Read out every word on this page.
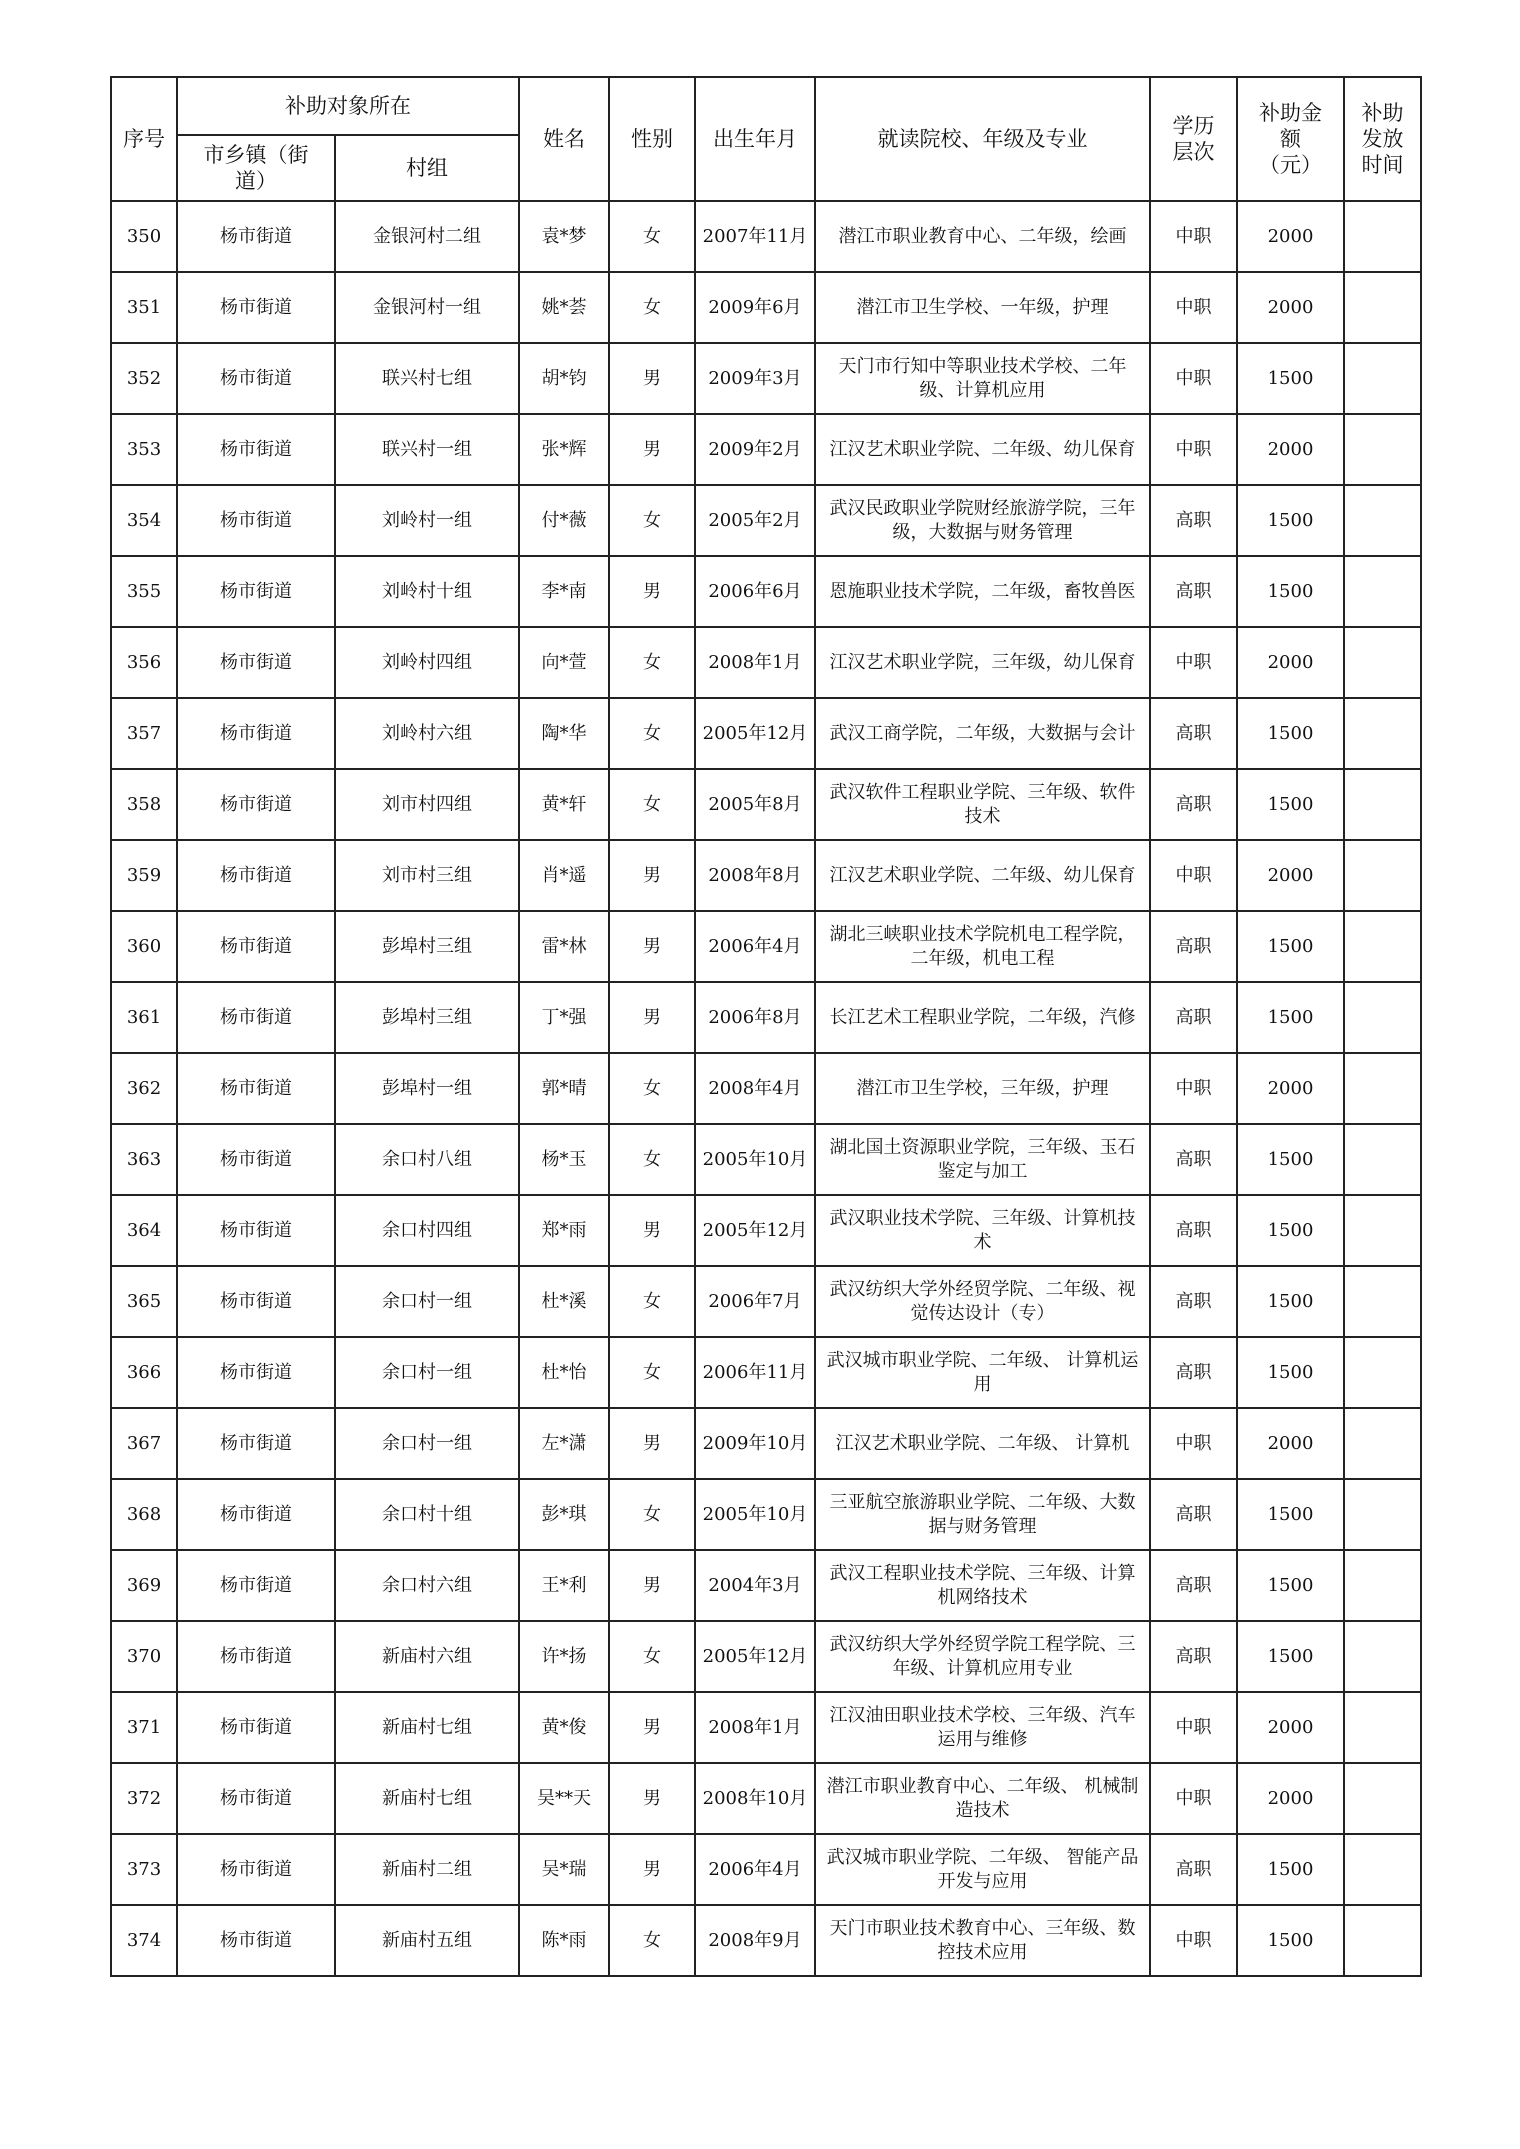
序号	补助对象所在		姓名	性别	出生年月	就读院校、年级及专业	学历层次	补助金额（元）	补助发放时间
	市乡镇（街道）	村组							
350	杨市街道	金银河村二组	袁*梦	女	2007年11月	潜江市职业教育中心、二年级，绘画	中职	2000	
351	杨市街道	金银河村一组	姚*荟	女	2009年6月	潜江市卫生学校、一年级，护理	中职	2000	
352	杨市街道	联兴村七组	胡*钧	男	2009年3月	天门市行知中等职业技术学校、二年级、计算机应用	中职	1500	
353	杨市街道	联兴村一组	张*辉	男	2009年2月	江汉艺术职业学院、二年级、幼儿保育	中职	2000	
354	杨市街道	刘岭村一组	付*薇	女	2005年2月	武汉民政职业学院财经旅游学院，三年级，大数据与财务管理	高职	1500	
355	杨市街道	刘岭村十组	李*南	男	2006年6月	恩施职业技术学院，二年级，畜牧兽医	高职	1500	
356	杨市街道	刘岭村四组	向*萱	女	2008年1月	江汉艺术职业学院，三年级，幼儿保育	中职	2000	
357	杨市街道	刘岭村六组	陶*华	女	2005年12月	武汉工商学院，二年级，大数据与会计	高职	1500	
358	杨市街道	刘市村四组	黄*轩	女	2005年8月	武汉软件工程职业学院、三年级、软件技术	高职	1500	
359	杨市街道	刘市村三组	肖*遥	男	2008年8月	江汉艺术职业学院、二年级、幼儿保育	中职	2000	
360	杨市街道	彭埠村三组	雷*林	男	2006年4月	湖北三峡职业技术学院机电工程学院，二年级，机电工程	高职	1500	
361	杨市街道	彭埠村三组	丁*强	男	2006年8月	长江艺术工程职业学院，二年级，汽修	高职	1500	
362	杨市街道	彭埠村一组	郭*晴	女	2008年4月	潜江市卫生学校，三年级，护理	中职	2000	
363	杨市街道	余口村八组	杨*玉	女	2005年10月	湖北国土资源职业学院，三年级、玉石鉴定与加工	高职	1500	
364	杨市街道	余口村四组	郑*雨	男	2005年12月	武汉职业技术学院、三年级、计算机技术	高职	1500	
365	杨市街道	余口村一组	杜*溪	女	2006年7月	武汉纺织大学外经贸学院、二年级、视觉传达设计（专）	高职	1500	
366	杨市街道	余口村一组	杜*怡	女	2006年11月	武汉城市职业学院、二年级、 计算机运用	高职	1500	
367	杨市街道	余口村一组	左*潇	男	2009年10月	江汉艺术职业学院、二年级、 计算机	中职	2000	
368	杨市街道	余口村十组	彭*琪	女	2005年10月	三亚航空旅游职业学院、二年级、大数据与财务管理	高职	1500	
369	杨市街道	余口村六组	王*利	男	2004年3月	武汉工程职业技术学院、三年级、计算机网络技术	高职	1500	
370	杨市街道	新庙村六组	许*扬	女	2005年12月	武汉纺织大学外经贸学院工程学院、三年级、计算机应用专业	高职	1500	
371	杨市街道	新庙村七组	黄*俊	男	2008年1月	江汉油田职业技术学校、三年级、汽车运用与维修	中职	2000	
372	杨市街道	新庙村七组	吴**天	男	2008年10月	潜江市职业教育中心、二年级、 机械制造技术	中职	2000	
373	杨市街道	新庙村二组	吴*瑞	男	2006年4月	武汉城市职业学院、二年级、 智能产品开发与应用	高职	1500	
374	杨市街道	新庙村五组	陈*雨	女	2008年9月	天门市职业技术教育中心、三年级、数控技术应用	中职	1500	
